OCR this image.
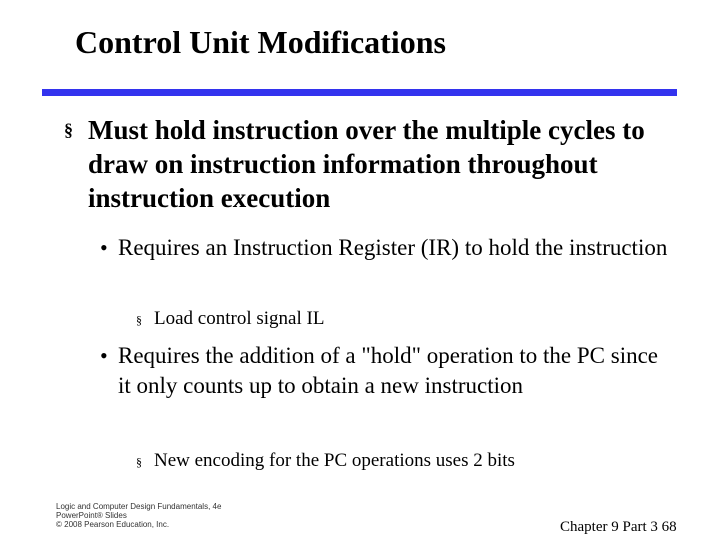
Control Unit Modifications
§ Must hold instruction over the multiple cycles to draw on instruction information throughout instruction execution
• Requires an Instruction Register (IR) to hold the instruction
§ Load control signal IL
• Requires the addition of a "hold" operation to the PC since it only counts up to obtain a new instruction
§ New encoding for the PC operations uses 2 bits
Logic and Computer Design Fundamentals, 4e
PowerPoint® Slides
© 2008 Pearson Education, Inc.	Chapter 9 Part 3 68
